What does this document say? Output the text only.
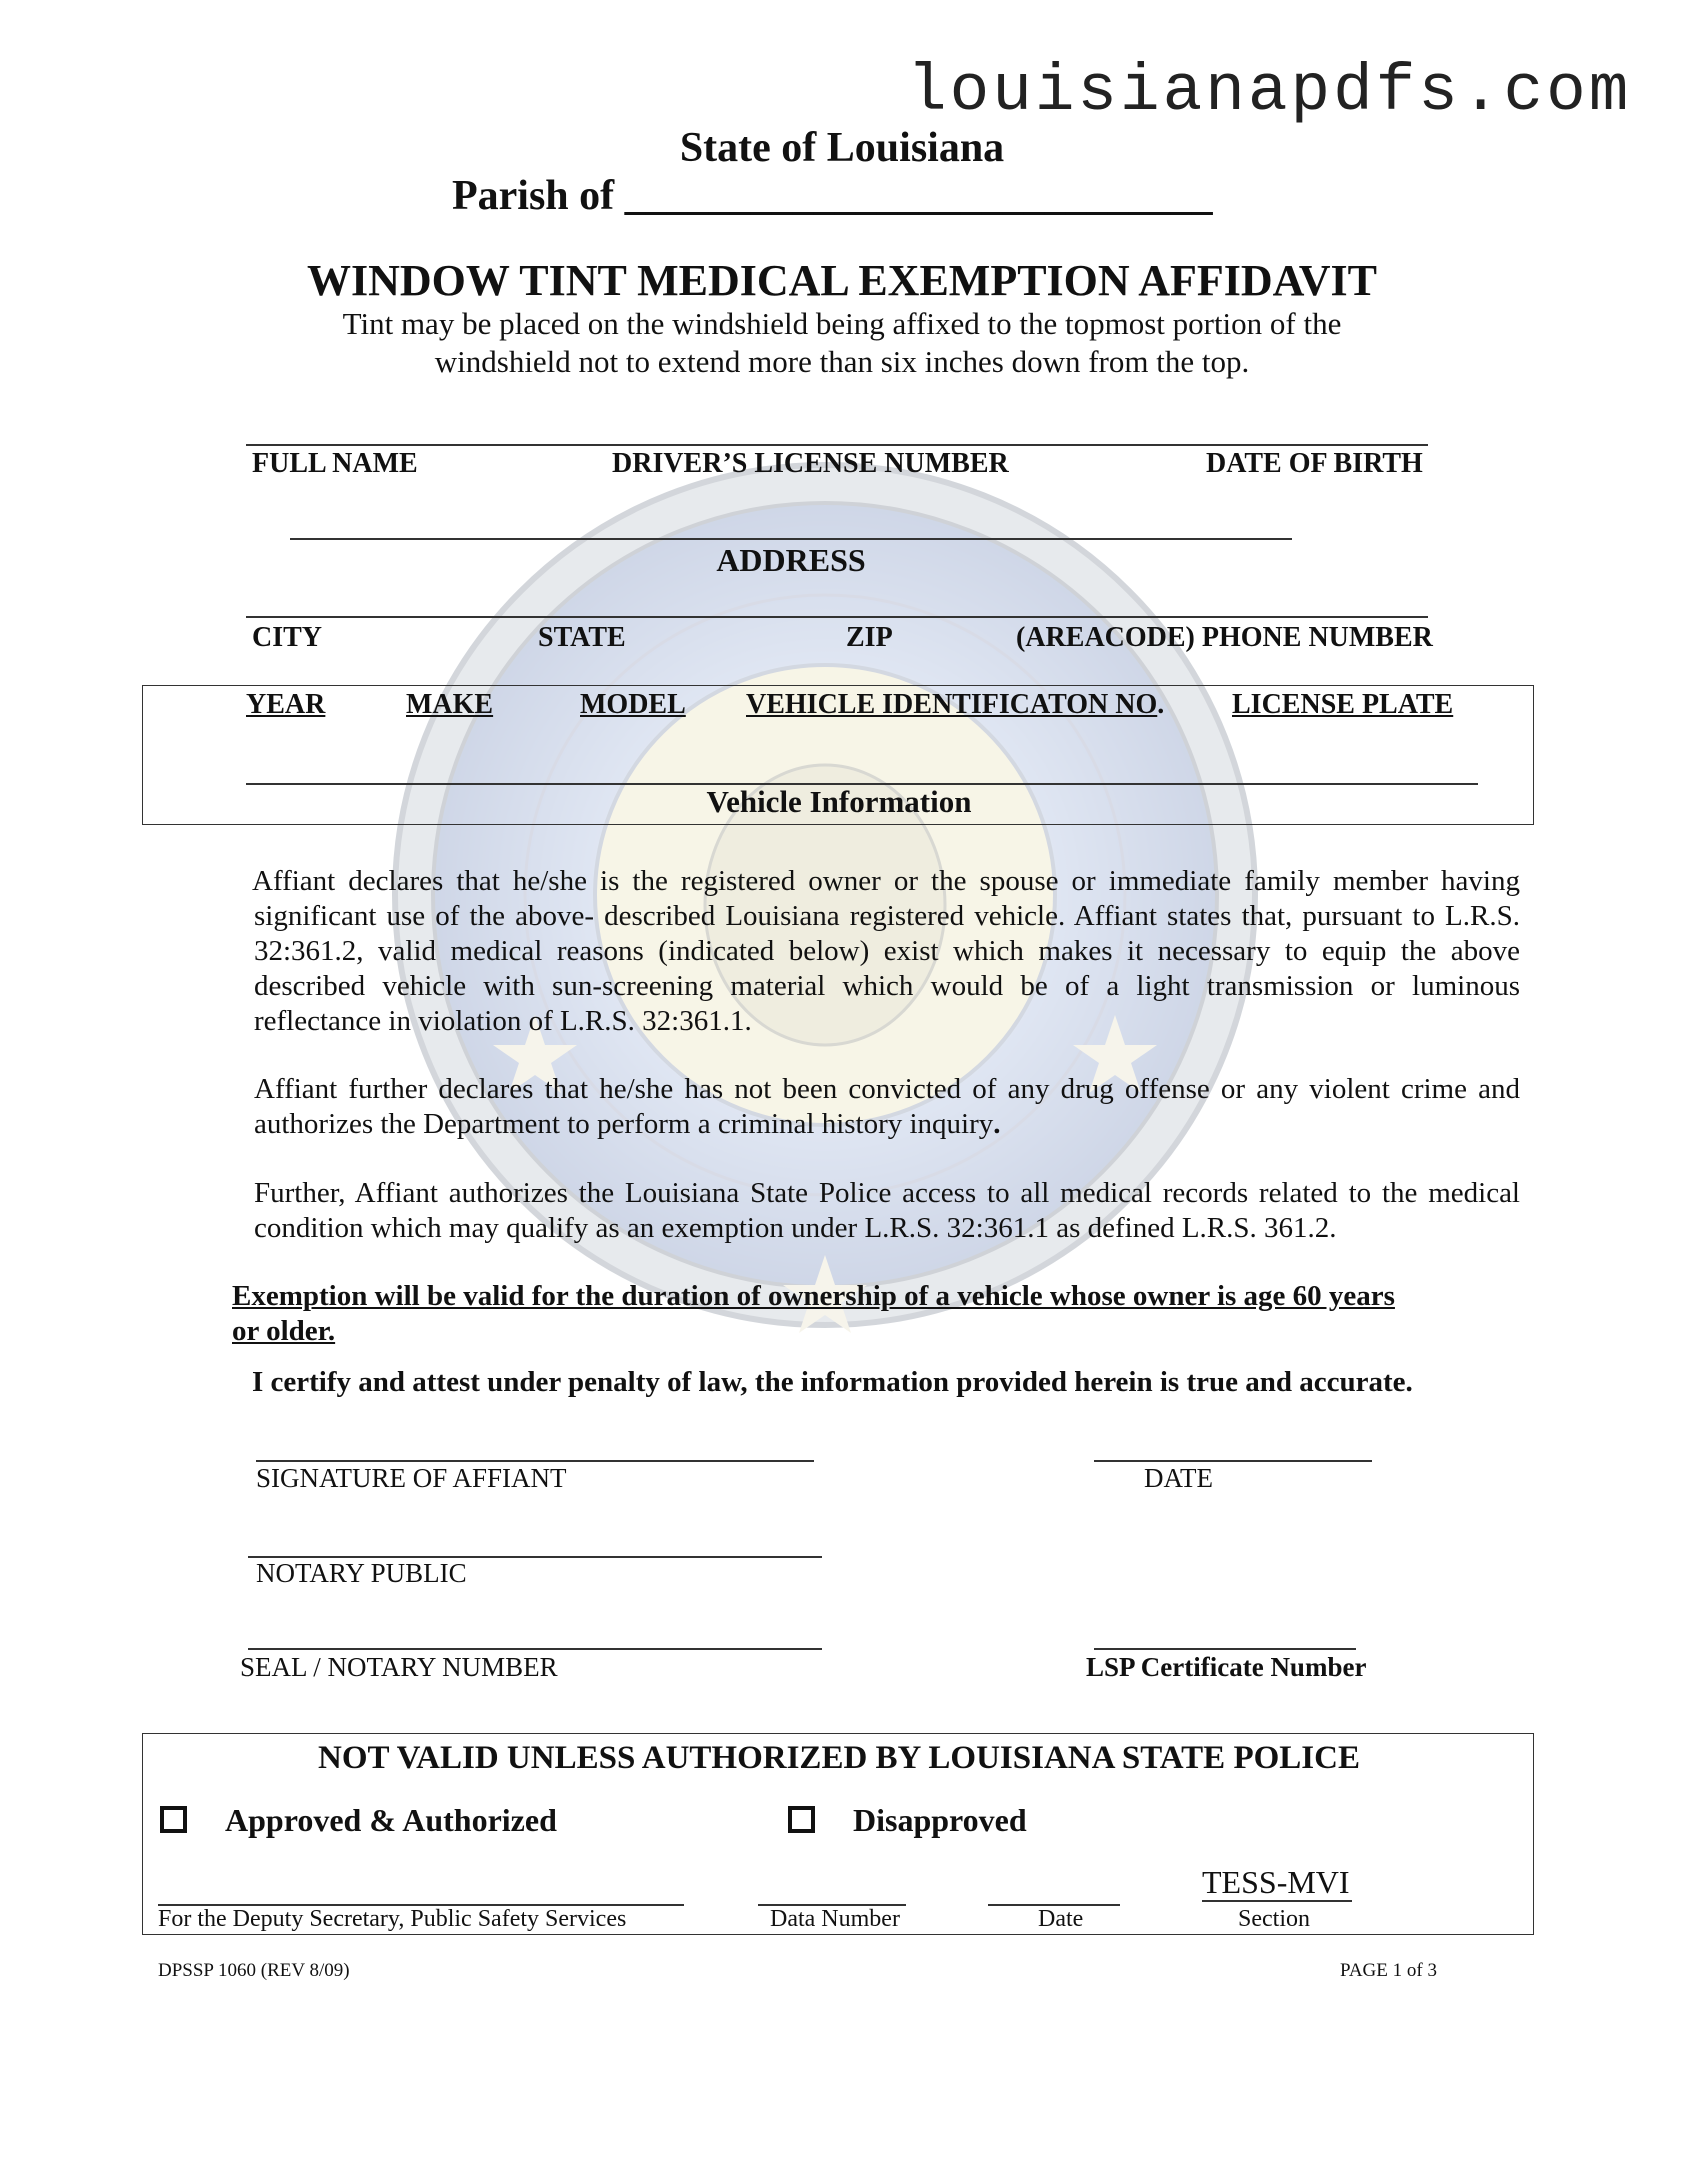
louisianapdfs.com
State of Louisiana
Parish of ____________________________
WINDOW TINT MEDICAL EXEMPTION AFFIDAVIT
Tint may be placed on the windshield being affixed to the topmost portion of the
windshield not to extend more than six inches down from the top.
FULL NAME	DRIVER’S LICENSE NUMBER	DATE OF BIRTH
ADDRESS
CITY	STATE	ZIP	(AREACODE) PHONE NUMBER
YEAR	MAKE	MODEL VEHICLE IDENTIFICATON NO. LICENSE PLATE
Vehicle Information
Affiant declares that he/she is the registered owner or the spouse or immediate family member having significant use of the above- described Louisiana registered vehicle. Affiant states that, pursuant to L.R.S. 32:361.2, valid medical reasons (indicated below) exist which makes it necessary to equip the above described vehicle with sun-screening material which would be of a light transmission or luminous reflectance in violation of L.R.S. 32:361.1.
Affiant further declares that he/she has not been convicted of any drug offense or any violent crime and authorizes the Department to perform a criminal history inquiry.
Further, Affiant authorizes the Louisiana State Police access to all medical records related to the medical condition which may qualify as an exemption under L.R.S. 32:361.1 as defined L.R.S. 361.2.
Exemption will be valid for the duration of ownership of a vehicle whose owner is age 60 years
or older.
I certify and attest under penalty of law, the information provided herein is true and accurate.
SIGNATURE OF AFFIANT	DATE
NOTARY PUBLIC
SEAL / NOTARY NUMBER	LSP Certificate Number
NOT VALID UNLESS AUTHORIZED BY LOUISIANA STATE POLICE
Approved & Authorized	Disapproved
TESS-MVI
For the Deputy Secretary, Public Safety Services	Data Number	Date	Section
DPSSP 1060 (REV 8/09)	PAGE 1 of 3
